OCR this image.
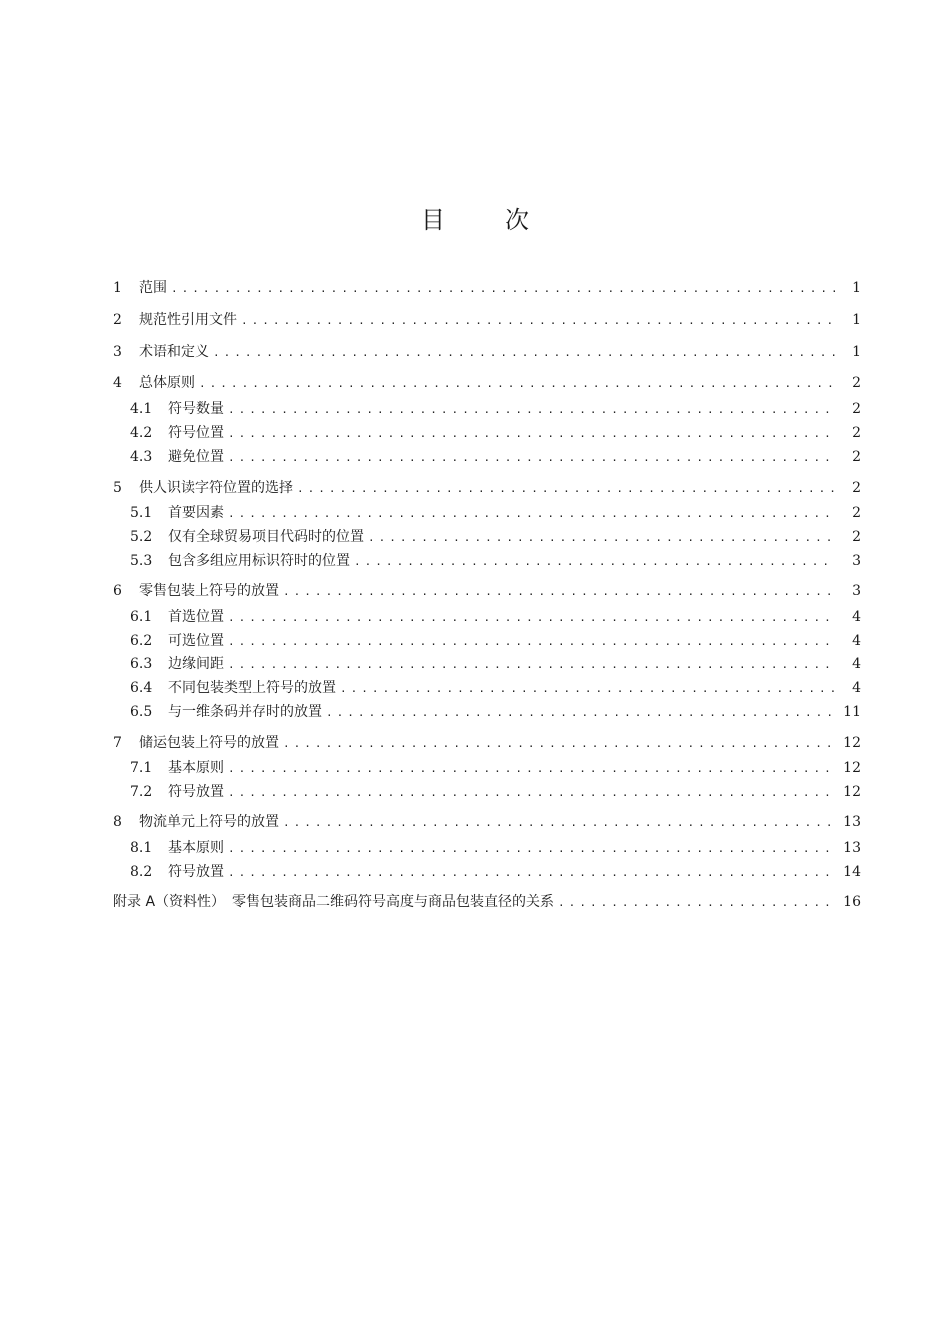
目	次
1	范围 . . .	1
2	规范性引用文件 . . .	1
3	术语和定义 . . .	1
4	总体原则 . . .	2
4.1	符号数量 . . .	2
4.2	符号位置 . . .	2
4.3	避免位置 . . .	2
5	供人识读字符位置的选择 . . .	2
5.1	首要因素 . . .	2
5.2	仅有全球贸易项目代码时的位置 . . .	2
5.3	包含多组应用标识符时的位置 . . .	3
6	零售包装上符号的放置 . . .	3
6.1	首选位置 . . .	4
6.2	可选位置 . . .	4
6.3	边缘间距 . . .	4
6.4	不同包装类型上符号的放置 . . .	4
6.5	与一维条码并存时的放置 . . .	11
7	储运包装上符号的放置 . . .	12
7.1	基本原则 . . .	12
7.2	符号放置 . . .	12
8	物流单元上符号的放置 . . .	13
8.1	基本原则 . . .	13
8.2	符号放置 . . .	14
附录 A（资料性）　零售包装商品二维码符号高度与商品包装直径的关系 . . .	16
